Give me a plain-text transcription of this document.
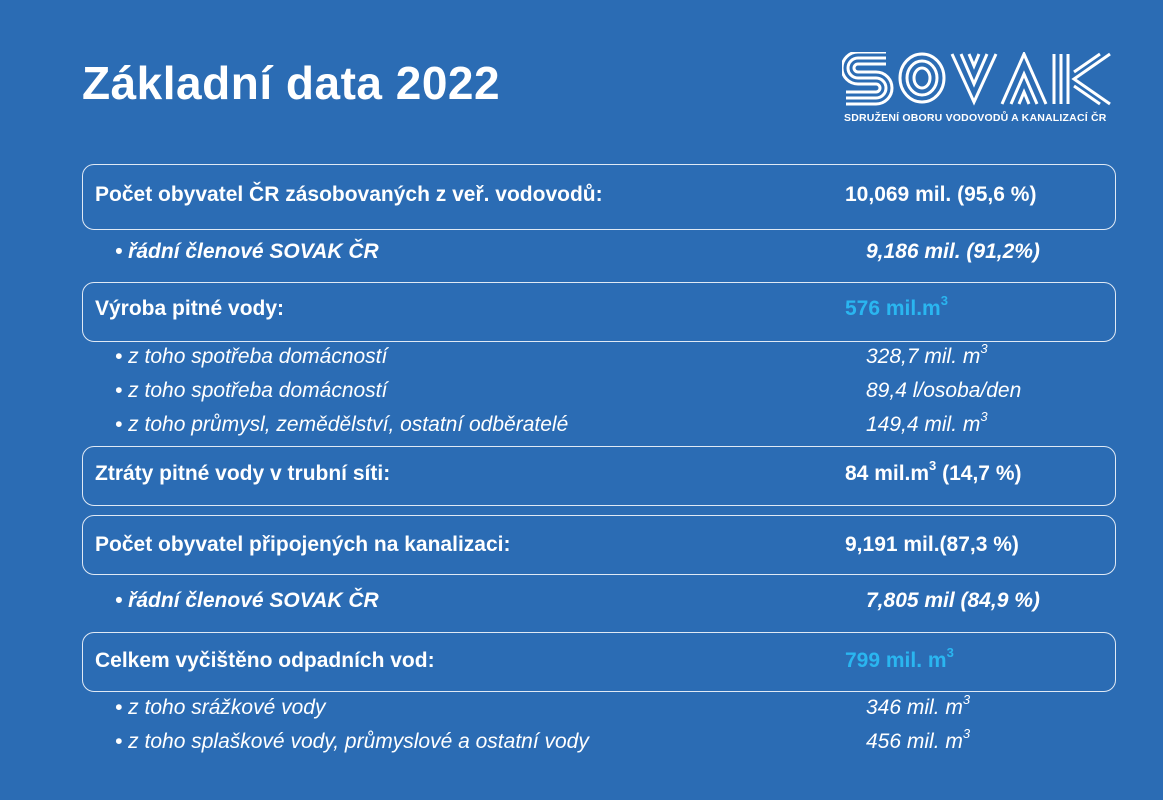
Základní data 2022
SDRUŽENÍ OBORU VODOVODŮ A KANALIZACÍ ČR
Počet obyvatel ČR zásobovaných z veř. vodovodů:	10,069 mil. (95,6 %)
• řádní členové SOVAK ČR	9,186 mil. (91,2%)
Výroba pitné vody:	576 $mil.m^3$
• z toho spotřeba domácností	328,7 mil. $m^3$
• z toho spotřeba domácností	89,4 l/osoba/den
• z toho průmysl, zemědělství, ostatní odběratelé	149,4 mil. $m^3$
Ztráty pitné vody v trubní síti:	84 $mil.m^3$ (14,7 %)
Počet obyvatel připojených na kanalizaci:	9,191 mil.(87,3 %)
• řádní členové SOVAK ČR	7,805 mil (84,9 %)
Celkem vyčištěno odpadních vod:	799 mil. $m^3$
• z toho srážkové vody	346 mil. $m^3$
• z toho splaškové vody, průmyslové a ostatní vody	456 mil. $m^3$
